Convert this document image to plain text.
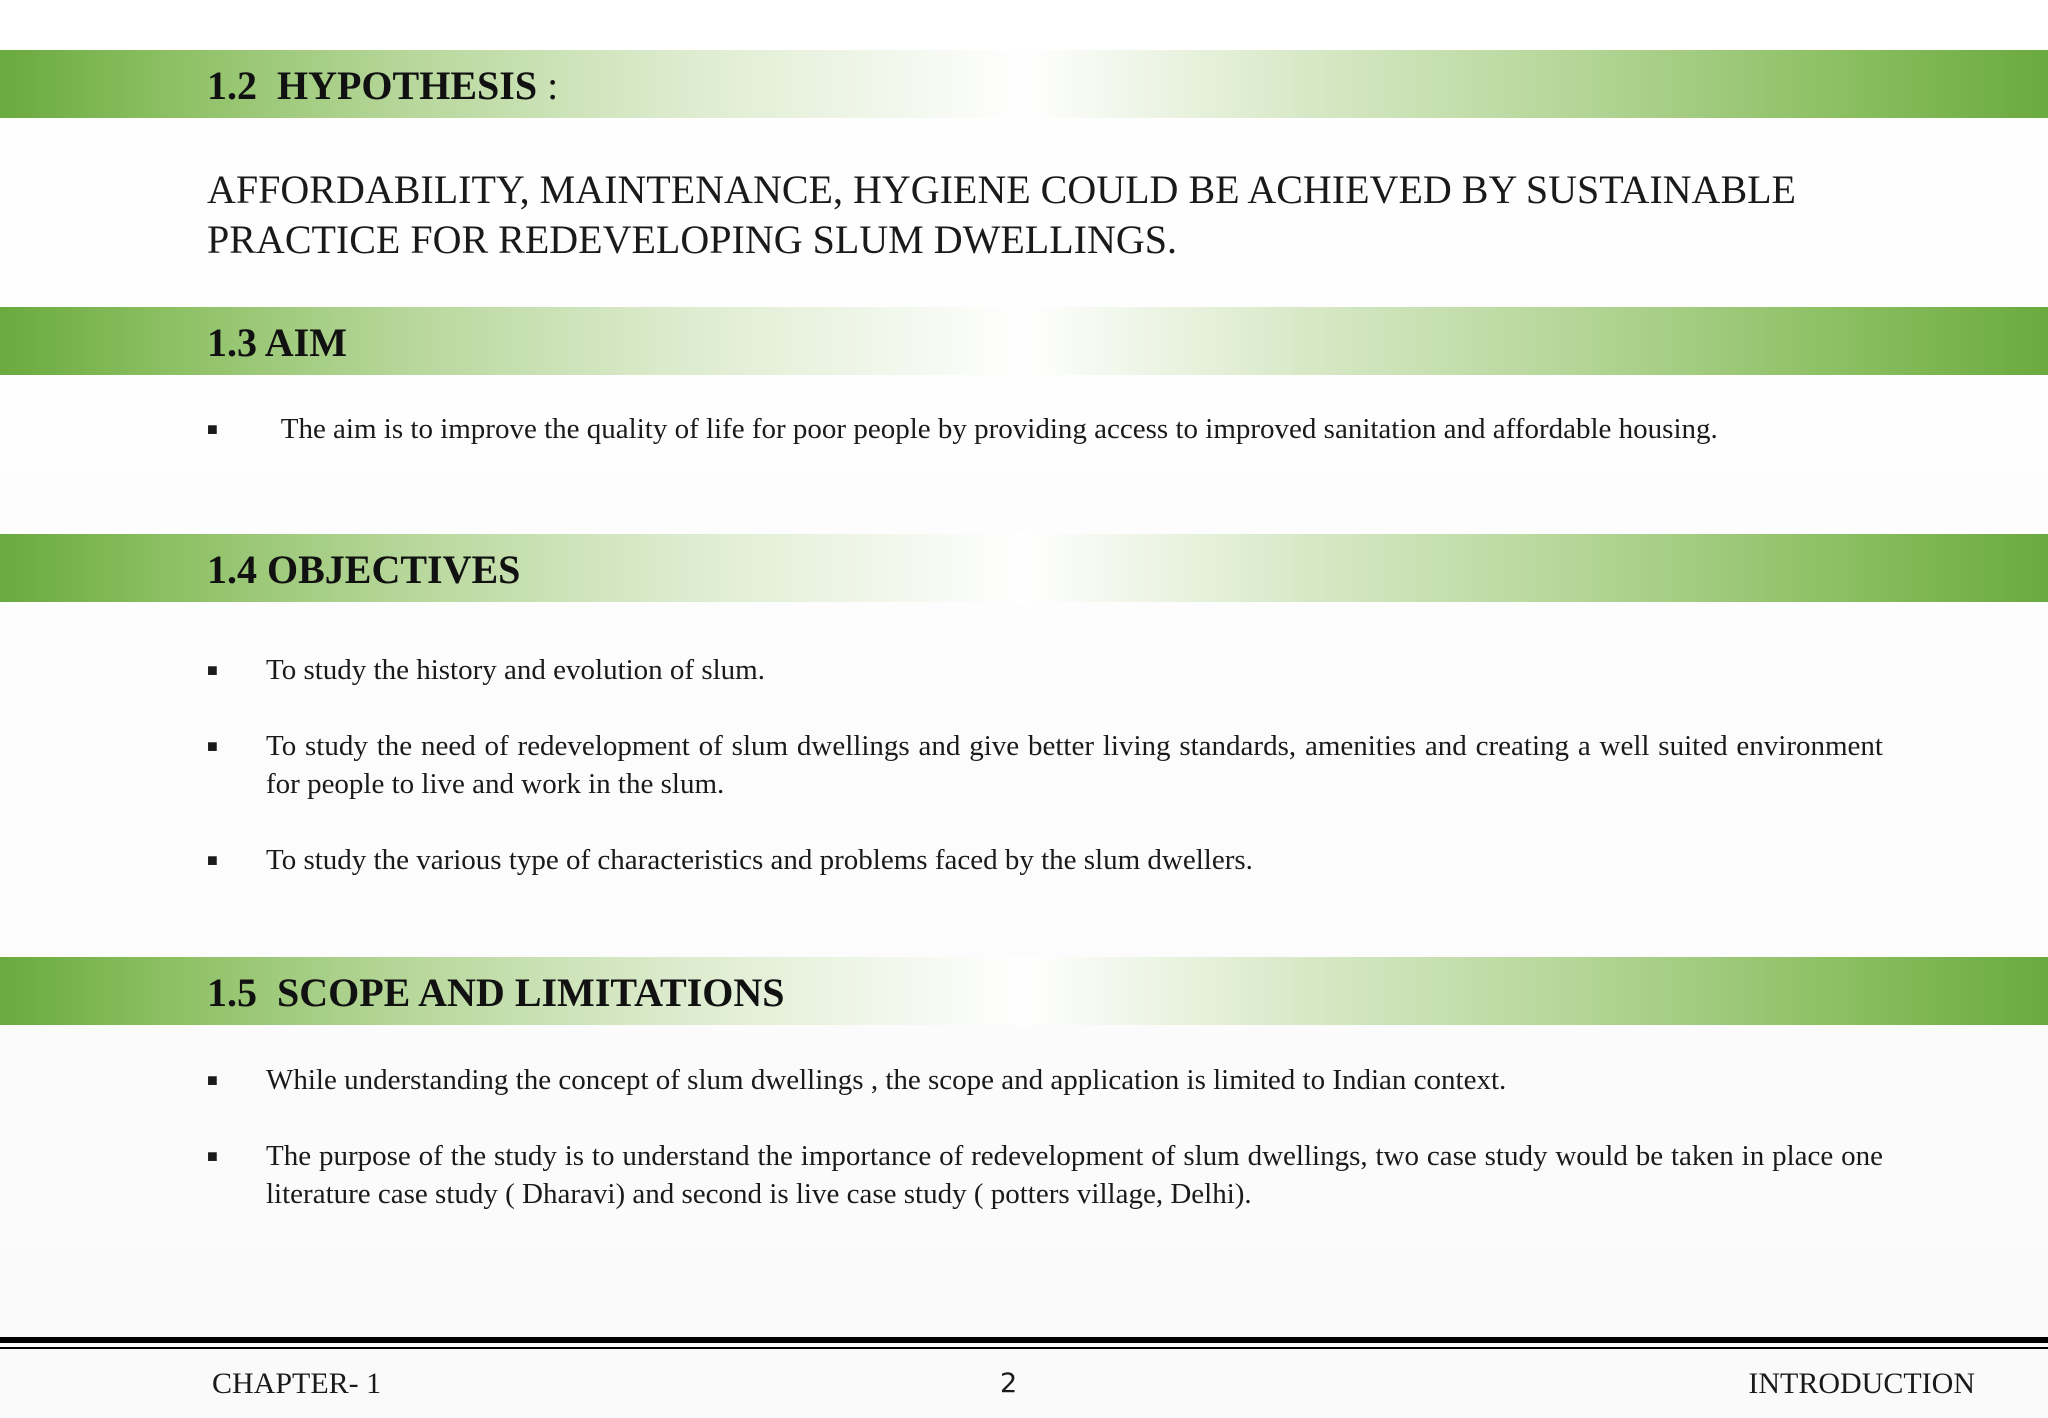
1.2  HYPOTHESIS :

AFFORDABILITY, MAINTENANCE, HYGIENE COULD BE ACHIEVED BY SUSTAINABLE PRACTICE FOR REDEVELOPING SLUM DWELLINGS.

1.3 AIM
■ The aim is to improve the quality of life for poor people by providing access to improved sanitation and affordable housing.
1.4 OBJECTIVES
■ To study the history and evolution of slum.
■ To study the need of redevelopment of slum dwellings and give better living standards, amenities and creating a well suited environment for people to live and work in the slum.
■ To study the various type of characteristics and problems faced by the slum dwellers.
1.5  SCOPE AND LIMITATIONS
■ While understanding the concept of slum dwellings , the scope and application is limited to Indian context.
■ The purpose of the study is to understand the importance of redevelopment of slum dwellings, two case study would be taken in place one literature case study ( Dharavi) and second is live case study ( potters village, Delhi).
CHAPTER- 1	2	INTRODUCTION
